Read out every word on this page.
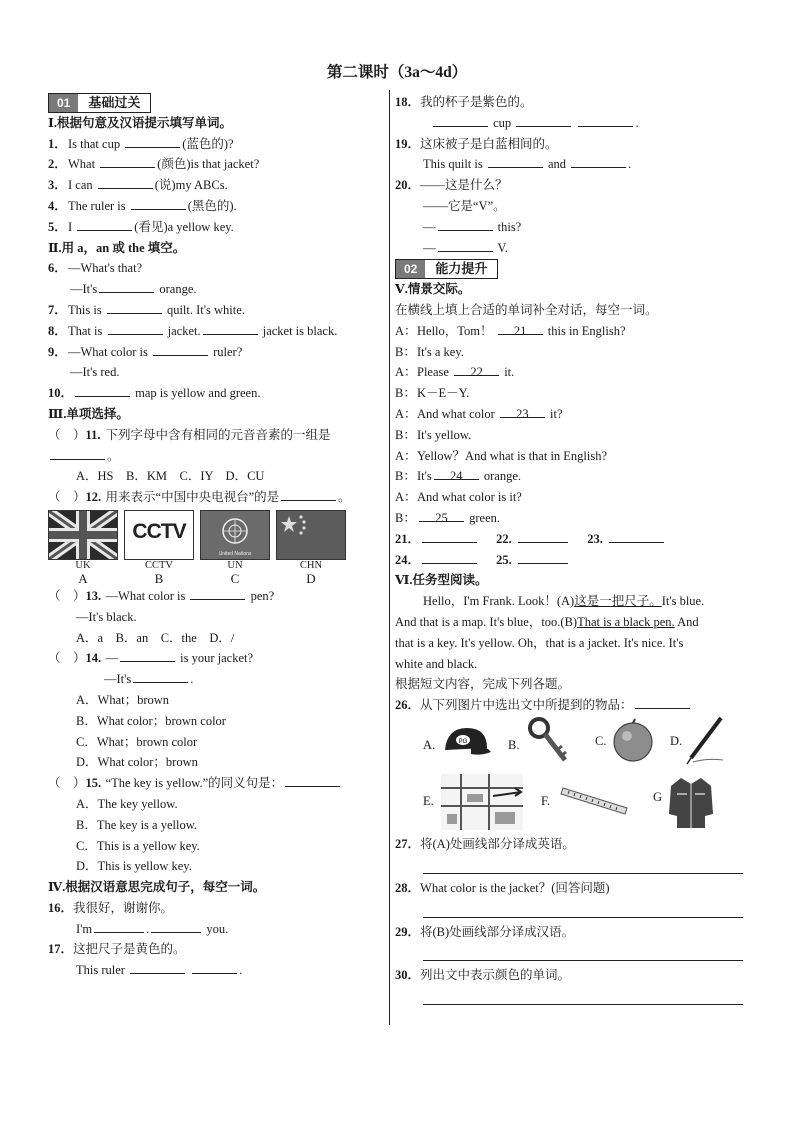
第二课时（3a～4d）
01	基础过关
Ⅰ.根据句意及汉语提示填写单词。
1．Is that cup	(蓝色的)?
2．What	(颜色)is that jacket?
3．I can	(说)my ABCs.
4．The ruler is	(黑色的).
5．I	(看见)a yellow key.
Ⅱ.用 a，an 或 the 填空。
6．—What's that?
—It's	orange.
7．This is	quilt. It's white.
8．That is	jacket.	jacket is black.
9．—What color is	ruler?
—It's red.
10．	map is yellow and green.
Ⅲ.单项选择。
（　）11. 下列字母中含有相同的元音音素的一组是
。
A．HS　B．KM　C．IY　D．CU
（　）12. 用来表示“中国中央电视台”的是	。
UK
A
CCTV
CCTV
B
United Nations
UN
C
CHN
D
（　）13. —What color is	pen?
—It's black.
A．a　B．an　C．the　D．/
（　）14. —	is your jacket?
—It's	.
A．What；brown
B．What color；brown color
C．What；brown color
D．What color；brown
（　）15. “The key is yellow.”的同义句是：
A．The key yellow.
B．The key is a yellow.
C．This is a yellow key.
D．This is yellow key.
Ⅳ.根据汉语意思完成句子，每空一词。
16．我很好，谢谢你。
I'm	.	you.
17．这把尺子是黄色的。
This ruler	.
18．我的杯子是紫色的。
cup	.
19．这床被子是白蓝相间的。
This quilt is	and	.
20．——这是什么？
——它是“V”。
—	this?
—	V.
02	能力提升
Ⅴ.情景交际。
在横线上填上合适的单词补全对话，每空一词。
A：Hello，Tom！ 21 this in English?
B：It's a key.
A：Please 22 it.
B：K－E－Y.
A：And what color 23 it?
B：It's yellow.
A：Yellow？And what is that in English?
B：It's 24 orange.
A：And what color is it?
B： 25 green.
21．	22.	23.
24．	25.
Ⅵ.任务型阅读。
Hello，I'm Frank. Look！(A)这是一把尺子。It's blue.
And that is a map. It's blue，too.(B)That is a black pen. And
that is a key. It's yellow. Oh，that is a jacket. It's nice. It's
white and black.
根据短文内容，完成下列各题。
26．从下列图片中选出文中所提到的物品：
A.	PG	B.	C.	D.
E.	F.	G
27．将(A)处画线部分译成英语。
28．What color is the jacket？(回答问题)
29．将(B)处画线部分译成汉语。
30．列出文中表示颜色的单词。
